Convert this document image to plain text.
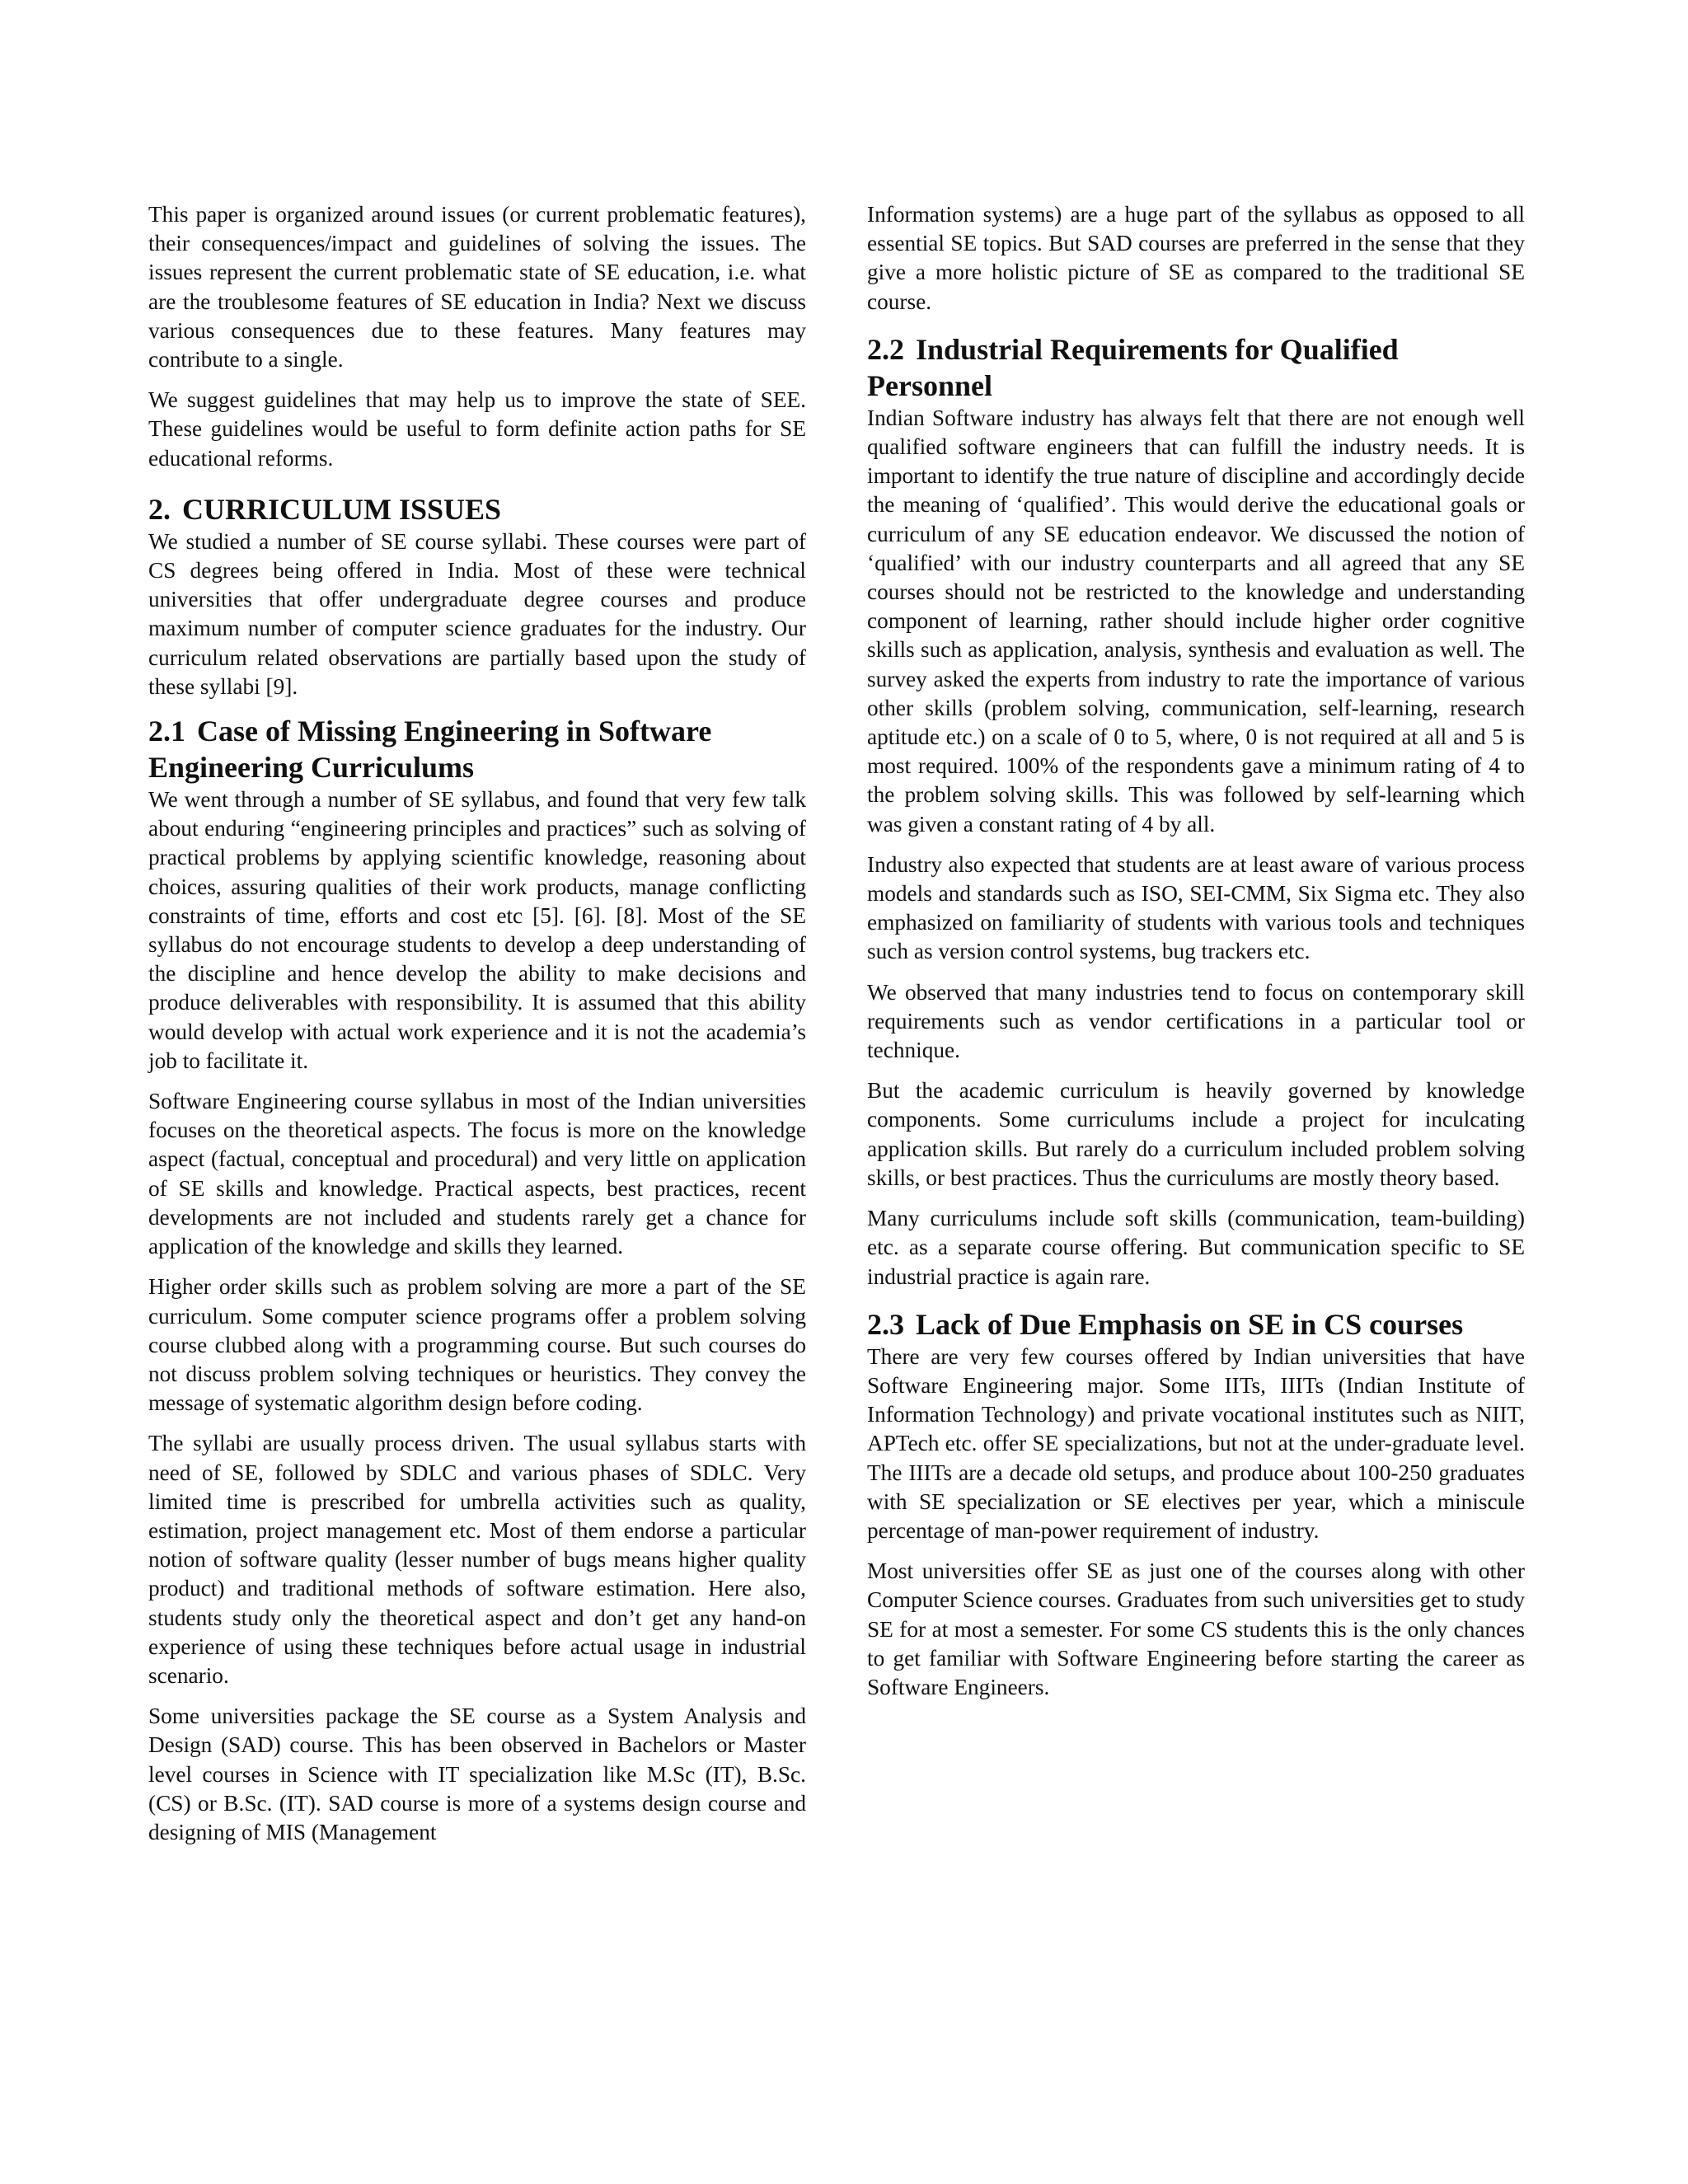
This paper is organized around issues (or current problematic features), their consequences/impact and guidelines of solving the issues. The issues represent the current problematic state of SE education, i.e. what are the troublesome features of SE education in India? Next we discuss various consequences due to these features. Many features may contribute to a single.

We suggest guidelines that may help us to improve the state of SEE. These guidelines would be useful to form definite action paths for SE educational reforms.

2. CURRICULUM ISSUES

We studied a number of SE course syllabi. These courses were part of CS degrees being offered in India. Most of these were technical universities that offer undergraduate degree courses and produce maximum number of computer science graduates for the industry. Our curriculum related observations are partially based upon the study of these syllabi [9].

2.1 Case of Missing Engineering in Software Engineering Curriculums

We went through a number of SE syllabus, and found that very few talk about enduring “engineering principles and practices” such as solving of practical problems by applying scientific knowledge, reasoning about choices, assuring qualities of their work products, manage conflicting constraints of time, efforts and cost etc [5]. [6]. [8]. Most of the SE syllabus do not encourage students to develop a deep understanding of the discipline and hence develop the ability to make decisions and produce deliverables with responsibility. It is assumed that this ability would develop with actual work experience and it is not the academia’s job to facilitate it.

Software Engineering course syllabus in most of the Indian universities focuses on the theoretical aspects. The focus is more on the knowledge aspect (factual, conceptual and procedural) and very little on application of SE skills and knowledge. Practical aspects, best practices, recent developments are not included and students rarely get a chance for application of the knowledge and skills they learned.

Higher order skills such as problem solving are more a part of the SE curriculum. Some computer science programs offer a problem solving course clubbed along with a programming course. But such courses do not discuss problem solving techniques or heuristics. They convey the message of systematic algorithm design before coding.

The syllabi are usually process driven. The usual syllabus starts with need of SE, followed by SDLC and various phases of SDLC. Very limited time is prescribed for umbrella activities such as quality, estimation, project management etc. Most of them endorse a particular notion of software quality (lesser number of bugs means higher quality product) and traditional methods of software estimation. Here also, students study only the theoretical aspect and don’t get any hand-on experience of using these techniques before actual usage in industrial scenario.

Some universities package the SE course as a System Analysis and Design (SAD) course. This has been observed in Bachelors or Master level courses in Science with IT specialization like M.Sc (IT), B.Sc. (CS) or B.Sc. (IT). SAD course is more of a systems design course and designing of MIS (Management

Information systems) are a huge part of the syllabus as opposed to all essential SE topics. But SAD courses are preferred in the sense that they give a more holistic picture of SE as compared to the traditional SE course.

2.2 Industrial Requirements for Qualified Personnel

Indian Software industry has always felt that there are not enough well qualified software engineers that can fulfill the industry needs. It is important to identify the true nature of discipline and accordingly decide the meaning of ‘qualified’. This would derive the educational goals or curriculum of any SE education endeavor. We discussed the notion of ‘qualified’ with our industry counterparts and all agreed that any SE courses should not be restricted to the knowledge and understanding component of learning, rather should include higher order cognitive skills such as application, analysis, synthesis and evaluation as well. The survey asked the experts from industry to rate the importance of various other skills (problem solving, communication, self-learning, research aptitude etc.) on a scale of 0 to 5, where, 0 is not required at all and 5 is most required. 100% of the respondents gave a minimum rating of 4 to the problem solving skills. This was followed by self-learning which was given a constant rating of 4 by all.

Industry also expected that students are at least aware of various process models and standards such as ISO, SEI-CMM, Six Sigma etc. They also emphasized on familiarity of students with various tools and techniques such as version control systems, bug trackers etc.

We observed that many industries tend to focus on contemporary skill requirements such as vendor certifications in a particular tool or technique.

But the academic curriculum is heavily governed by knowledge components. Some curriculums include a project for inculcating application skills. But rarely do a curriculum included problem solving skills, or best practices. Thus the curriculums are mostly theory based.

Many curriculums include soft skills (communication, team-building) etc. as a separate course offering. But communication specific to SE industrial practice is again rare.

2.3 Lack of Due Emphasis on SE in CS courses

There are very few courses offered by Indian universities that have Software Engineering major. Some IITs, IIITs (Indian Institute of Information Technology) and private vocational institutes such as NIIT, APTech etc. offer SE specializations, but not at the under-graduate level. The IIITs are a decade old setups, and produce about 100-250 graduates with SE specialization or SE electives per year, which a miniscule percentage of man-power requirement of industry.

Most universities offer SE as just one of the courses along with other Computer Science courses. Graduates from such universities get to study SE for at most a semester. For some CS students this is the only chances to get familiar with Software Engineering before starting the career as Software Engineers.
